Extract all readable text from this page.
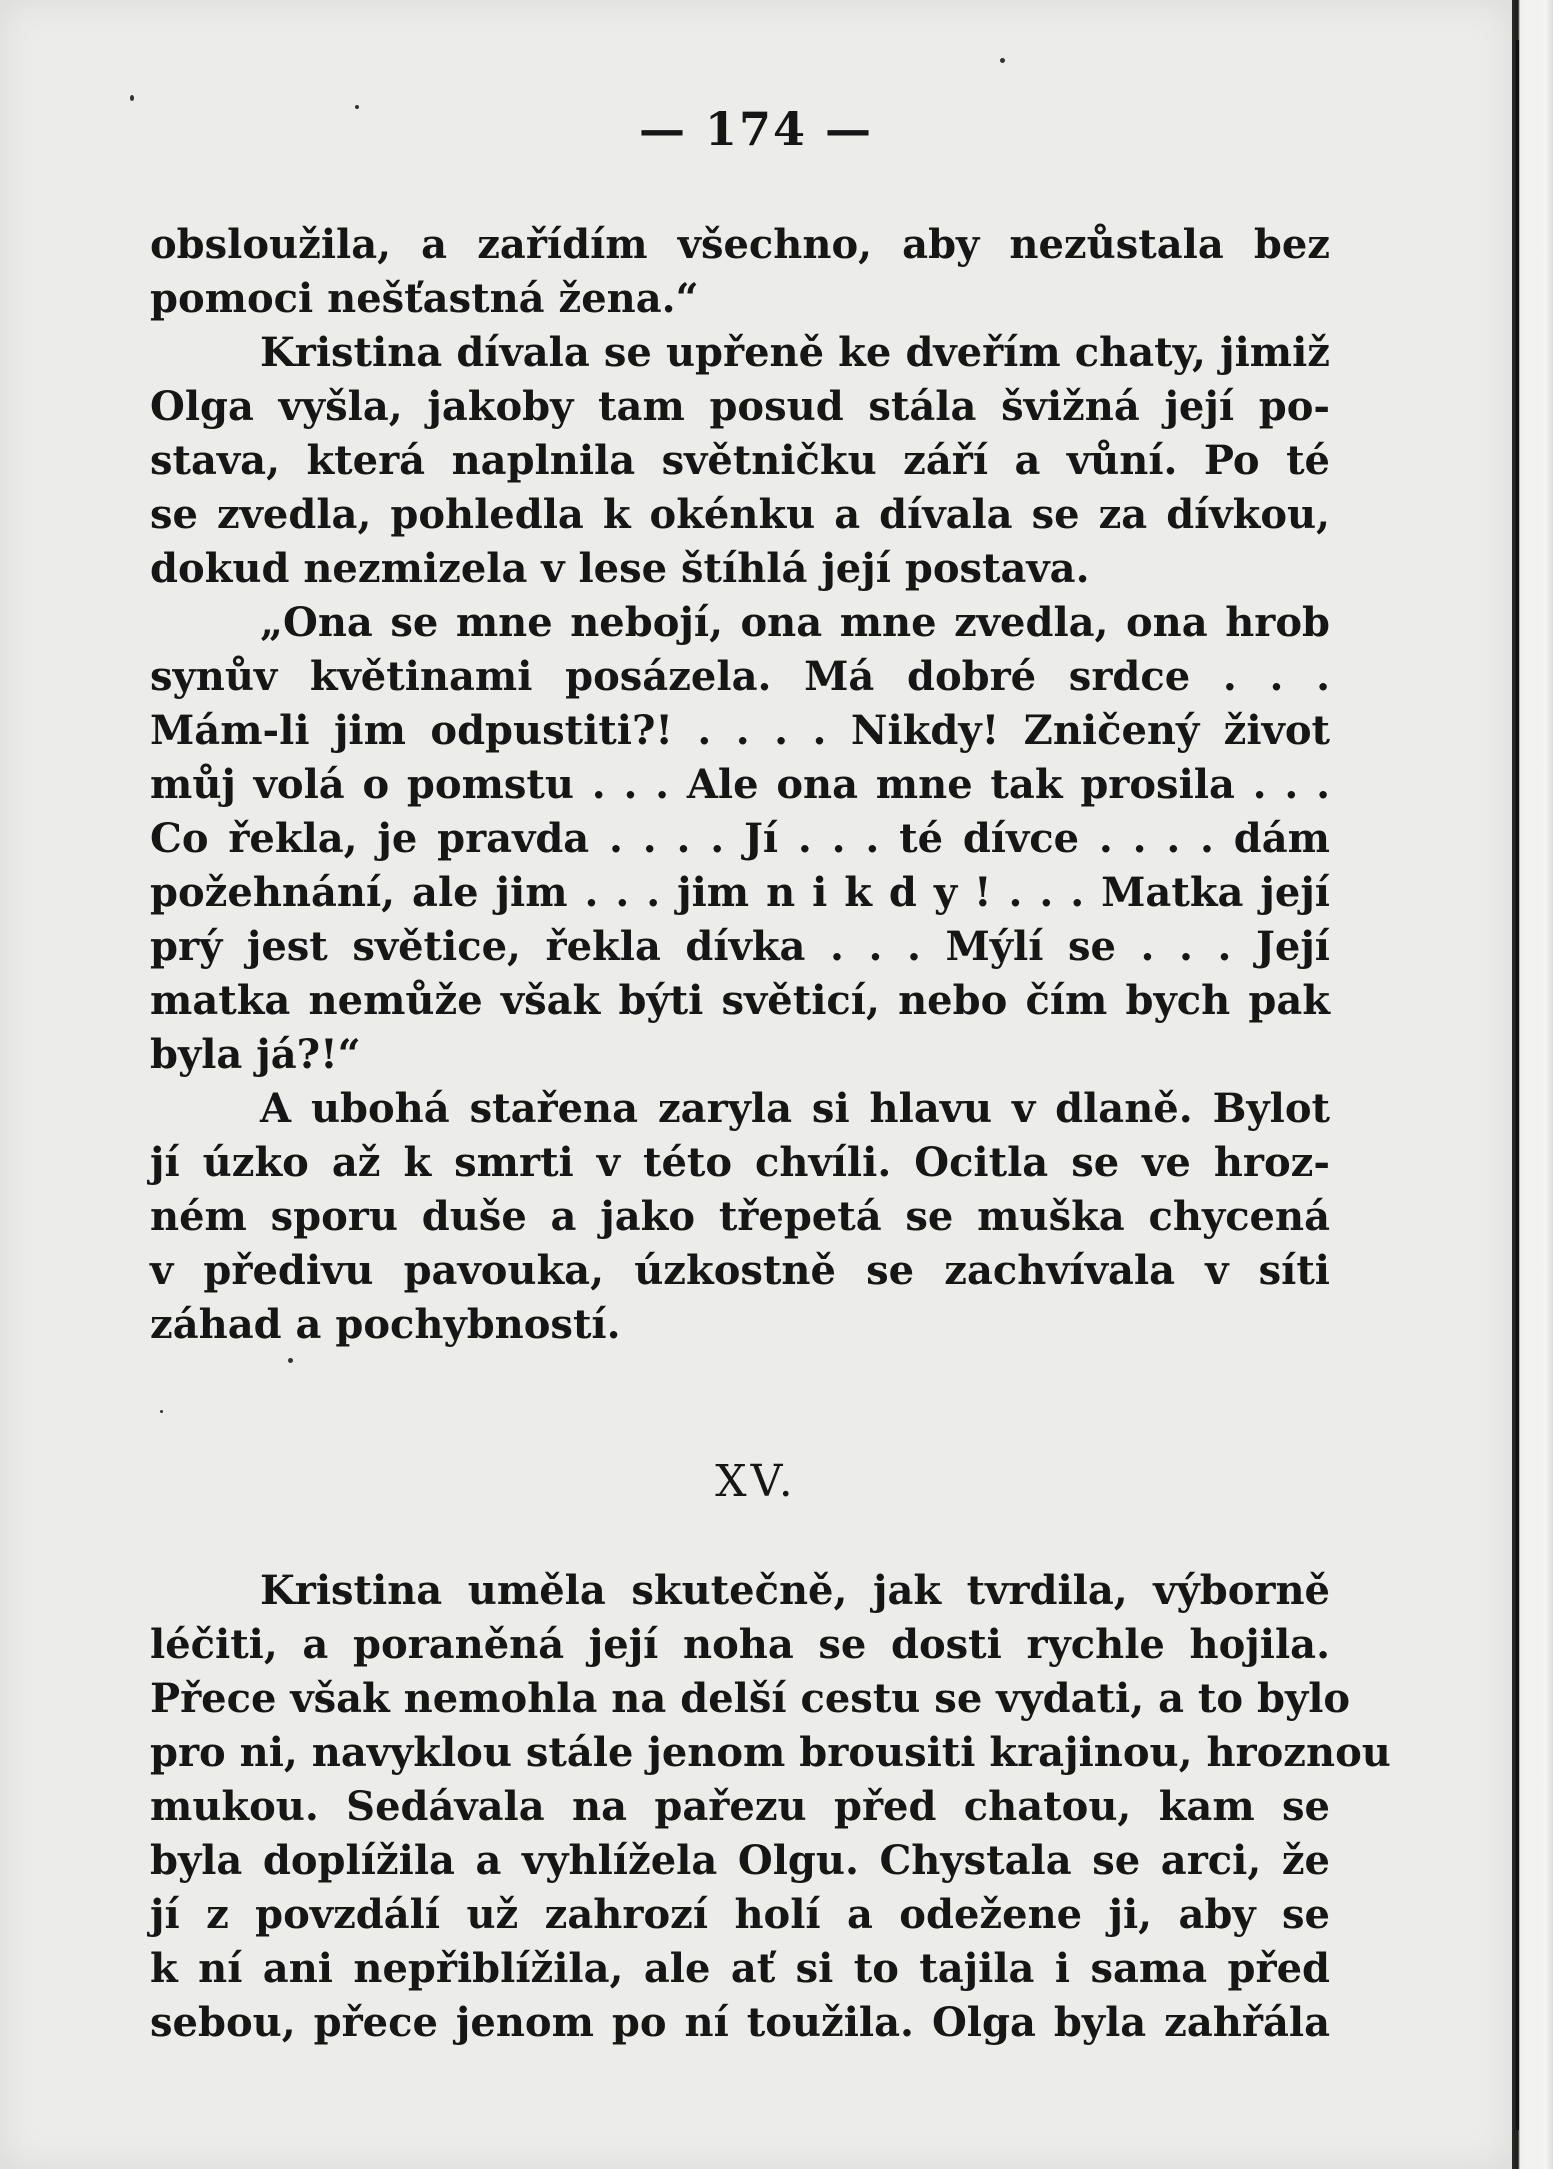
— 174 —
obsloužila, a zařídím všechno, aby nezůstala bez
pomoci nešťastná žena.“
Kristina dívala se upřeně ke dveřím chaty, jimiž
Olga vyšla, jakoby tam posud stála švižná její po-
stava, která naplnila světničku září a vůní. Po té
se zvedla, pohledla k okénku a dívala se za dívkou,
dokud nezmizela v lese štíhlá její postava.
„Ona se mne nebojí, ona mne zvedla, ona hrob
synův květinami posázela. Má dobré srdce . . .
Mám-li jim odpustiti?! . . . . Nikdy! Zničený život
můj volá o pomstu . . . Ale ona mne tak prosila . . .
Co řekla, je pravda . . . . Jí . . . té dívce . . . . dám
požehnání, ale jim . . . jim n i k d y ! . . . Matka její
prý jest světice, řekla dívka . . . Mýlí se . . . Její
matka nemůže však býti světicí, nebo čím bych pak
byla já?!“
A ubohá stařena zaryla si hlavu v dlaně. Bylot
jí úzko až k smrti v této chvíli. Ocitla se ve hroz-
ném sporu duše a jako třepetá se muška chycená
v předivu pavouka, úzkostně se zachvívala v síti
záhad a pochybností.
XV.
Kristina uměla skutečně, jak tvrdila, výborně
léčiti, a poraněná její noha se dosti rychle hojila.
Přece však nemohla na delší cestu se vydati, a to bylo
pro ni, navyklou stále jenom brousiti krajinou, hroznou
mukou. Sedávala na pařezu před chatou, kam se
byla doplížila a vyhlížela Olgu. Chystala se arci, že
jí z povzdálí už zahrozí holí a odežene ji, aby se
k ní ani nepřiblížila, ale ať si to tajila i sama před
sebou, přece jenom po ní toužila. Olga byla zahřála
